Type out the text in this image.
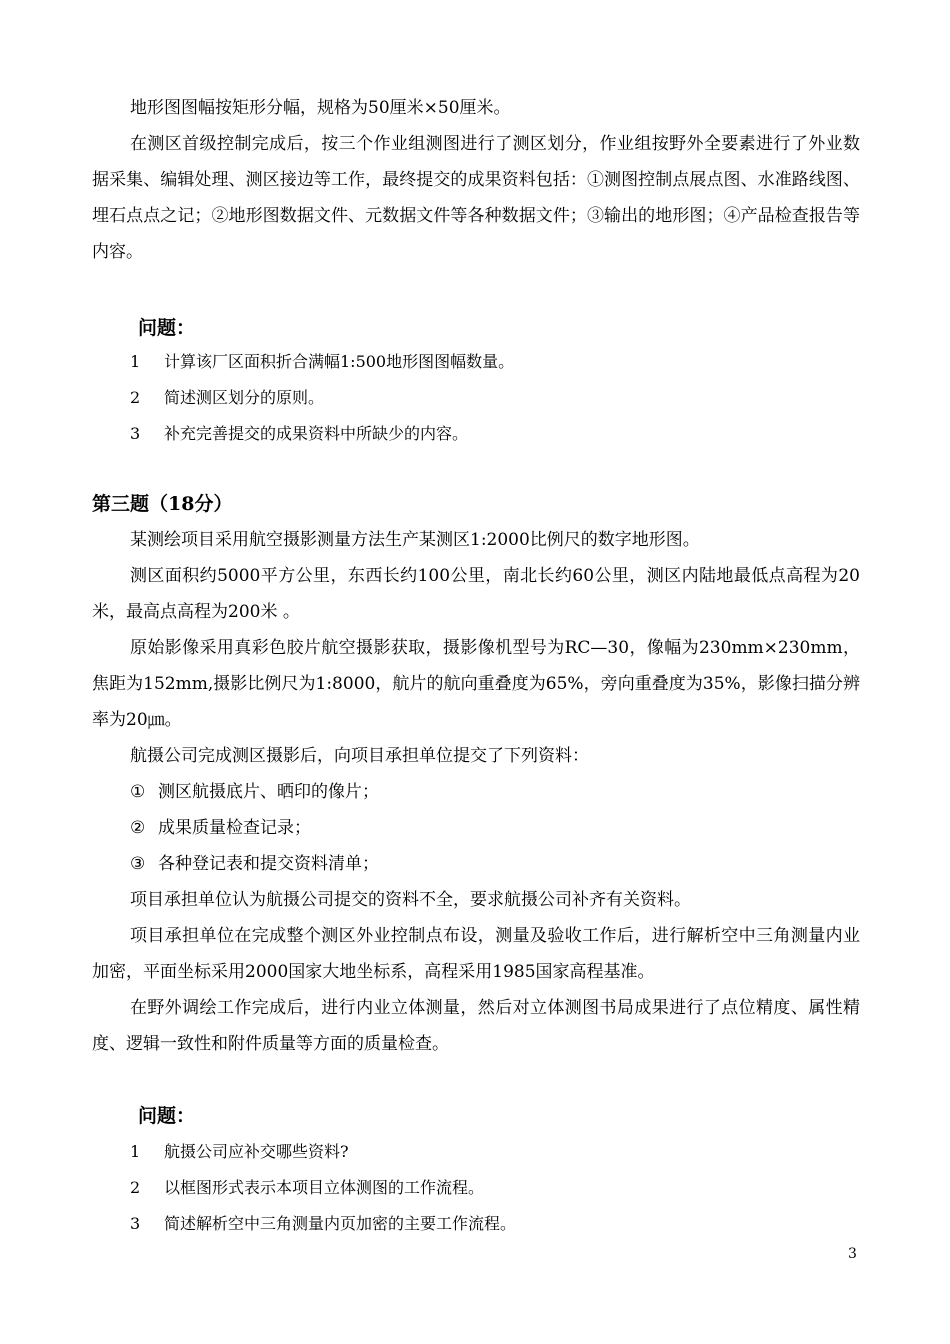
地形图图幅按矩形分幅，规格为50厘米×50厘米。

在测区首级控制完成后，按三个作业组测图进行了测区划分，作业组按野外全要素进行了外业数据采集、编辑处理、测区接边等工作，最终提交的成果资料包括：①测图控制点展点图、水准路线图、埋石点点之记；②地形图数据文件、元数据文件等各种数据文件；③输出的地形图；④产品检查报告等内容。

问题：

1 计算该厂区面积折合满幅1:500地形图图幅数量。

2 简述测区划分的原则。

3 补充完善提交的成果资料中所缺少的内容。

第三题（18分）

某测绘项目采用航空摄影测量方法生产某测区1:2000比例尺的数字地形图。

测区面积约5000平方公里，东西长约100公里，南北长约60公里，测区内陆地最低点高程为20米，最高点高程为200米 。

原始影像采用真彩色胶片航空摄影获取，摄影像机型号为RC—30，像幅为230mm×230mm，焦距为152mm,摄影比例尺为1:8000，航片的航向重叠度为65%，旁向重叠度为35%，影像扫描分辨率为20㎛。

航摄公司完成测区摄影后，向项目承担单位提交了下列资料：

① 测区航摄底片、晒印的像片；

② 成果质量检查记录；

③ 各种登记表和提交资料清单；

项目承担单位认为航摄公司提交的资料不全，要求航摄公司补齐有关资料。

项目承担单位在完成整个测区外业控制点布设，测量及验收工作后，进行解析空中三角测量内业加密，平面坐标采用2000国家大地坐标系，高程采用1985国家高程基准。

在野外调绘工作完成后，进行内业立体测量，然后对立体测图书局成果进行了点位精度、属性精度、逻辑一致性和附件质量等方面的质量检查。

问题：

1 航摄公司应补交哪些资料?

2 以框图形式表示本项目立体测图的工作流程。

3 简述解析空中三角测量内页加密的主要工作流程。

3
